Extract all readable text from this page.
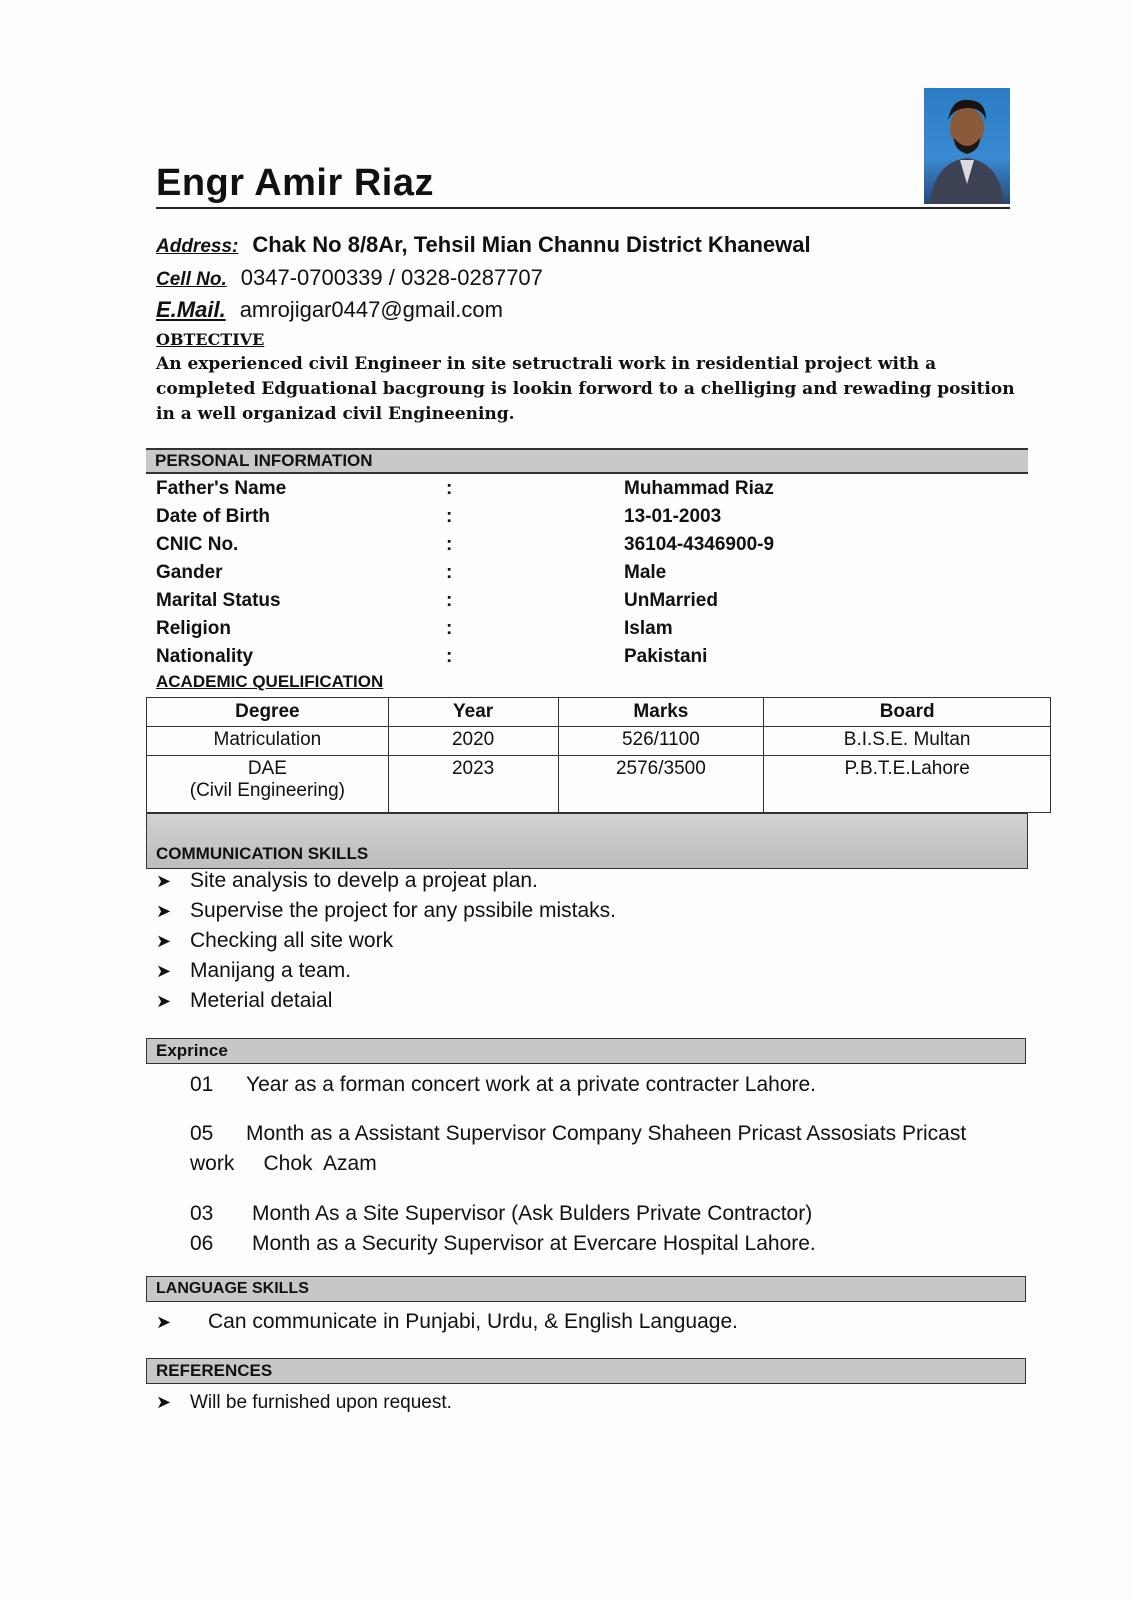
Engr Amir Riaz
Address: Chak No 8/8Ar, Tehsil Mian Channu District Khanewal
Cell No. 0347-0700339 / 0328-0287707
E.Mail. amrojigar0447@gmail.com
OBTECTIVE
An experienced civil Engineer in site setructrali work in residential project with a completed Edguational bacgroung is lookin forword to a chelliging and rewading position in a well organizad civil Engineening.
PERSONAL INFORMATION
Father's Name	:	Muhammad Riaz
Date of Birth	:	13-01-2003
CNIC No.	:	36104-4346900-9
Gander	:	Male
Marital Status	:	UnMarried
Religion	:	Islam
Nationality	:	Pakistani
ACADEMIC QUELIFICATION
Degree	Year	Marks	Board
Matriculation	2020	526/1100	B.I.S.E. Multan

DAE
(Civil Engineering)	2023	2576/3500	P.B.T.E.Lahore
COMMUNICATION SKILLS
➤ Site analysis to develp a projeat plan.
➤ Supervise the project for any pssibile mistaks.
➤ Checking all site work
➤ Manijang a team.
➤ Meterial detaial
Exprince
01 Year as a forman concert work at a private contracter Lahore.
05 Month as a Assistant Supervisor Company Shaheen Pricast Assosiats Pricast
work     Chok  Azam
03 Month As a Site Supervisor (Ask Bulders Private Contractor)
06 Month as a Security Supervisor at Evercare Hospital Lahore.
LANGUAGE SKILLS
➤ Can communicate in Punjabi, Urdu, & English Language.
REFERENCES
➤ Will be furnished upon request.
